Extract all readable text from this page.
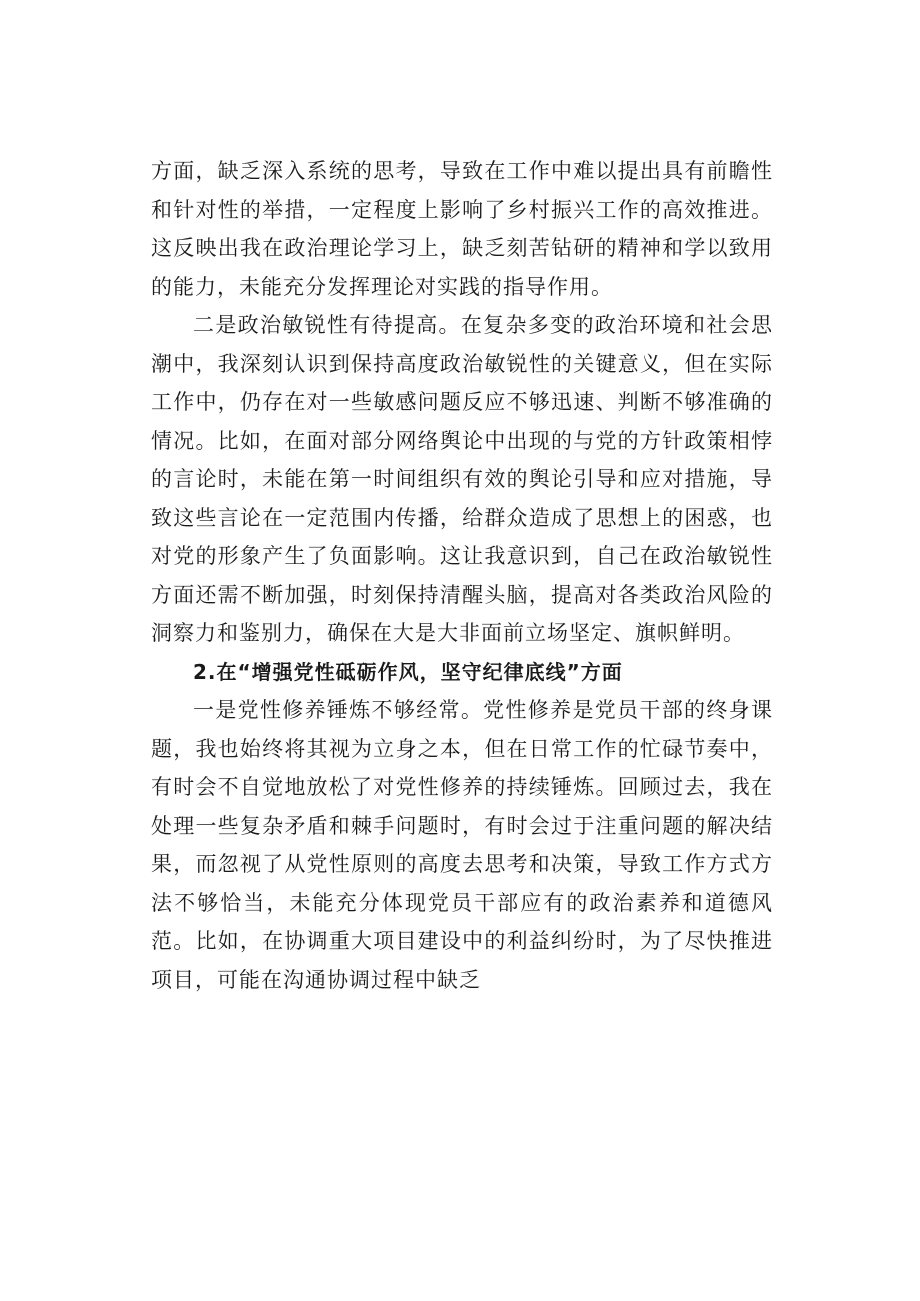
方面，缺乏深入系统的思考，导致在工作中难以提出具有前瞻性和针对性的举措，一定程度上影响了乡村振兴工作的高效推进。这反映出我在政治理论学习上，缺乏刻苦钻研的精神和学以致用的能力，未能充分发挥理论对实践的指导作用。

二是政治敏锐性有待提高。在复杂多变的政治环境和社会思潮中，我深刻认识到保持高度政治敏锐性的关键意义，但在实际工作中，仍存在对一些敏感问题反应不够迅速、判断不够准确的情况。比如，在面对部分网络舆论中出现的与党的方针政策相悖的言论时，未能在第一时间组织有效的舆论引导和应对措施，导致这些言论在一定范围内传播，给群众造成了思想上的困惑，也对党的形象产生了负面影响。这让我意识到，自己在政治敏锐性方面还需不断加强，时刻保持清醒头脑，提高对各类政治风险的洞察力和鉴别力，确保在大是大非面前立场坚定、旗帜鲜明。

2.在“增强党性砥砺作风，坚守纪律底线”方面

一是党性修养锤炼不够经常。党性修养是党员干部的终身课题，我也始终将其视为立身之本，但在日常工作的忙碌节奏中，有时会不自觉地放松了对党性修养的持续锤炼。回顾过去，我在处理一些复杂矛盾和棘手问题时，有时会过于注重问题的解决结果，而忽视了从党性原则的高度去思考和决策，导致工作方式方法不够恰当，未能充分体现党员干部应有的政治素养和道德风范。比如，在协调重大项目建设中的利益纠纷时，为了尽快推进项目，可能在沟通协调过程中缺乏
